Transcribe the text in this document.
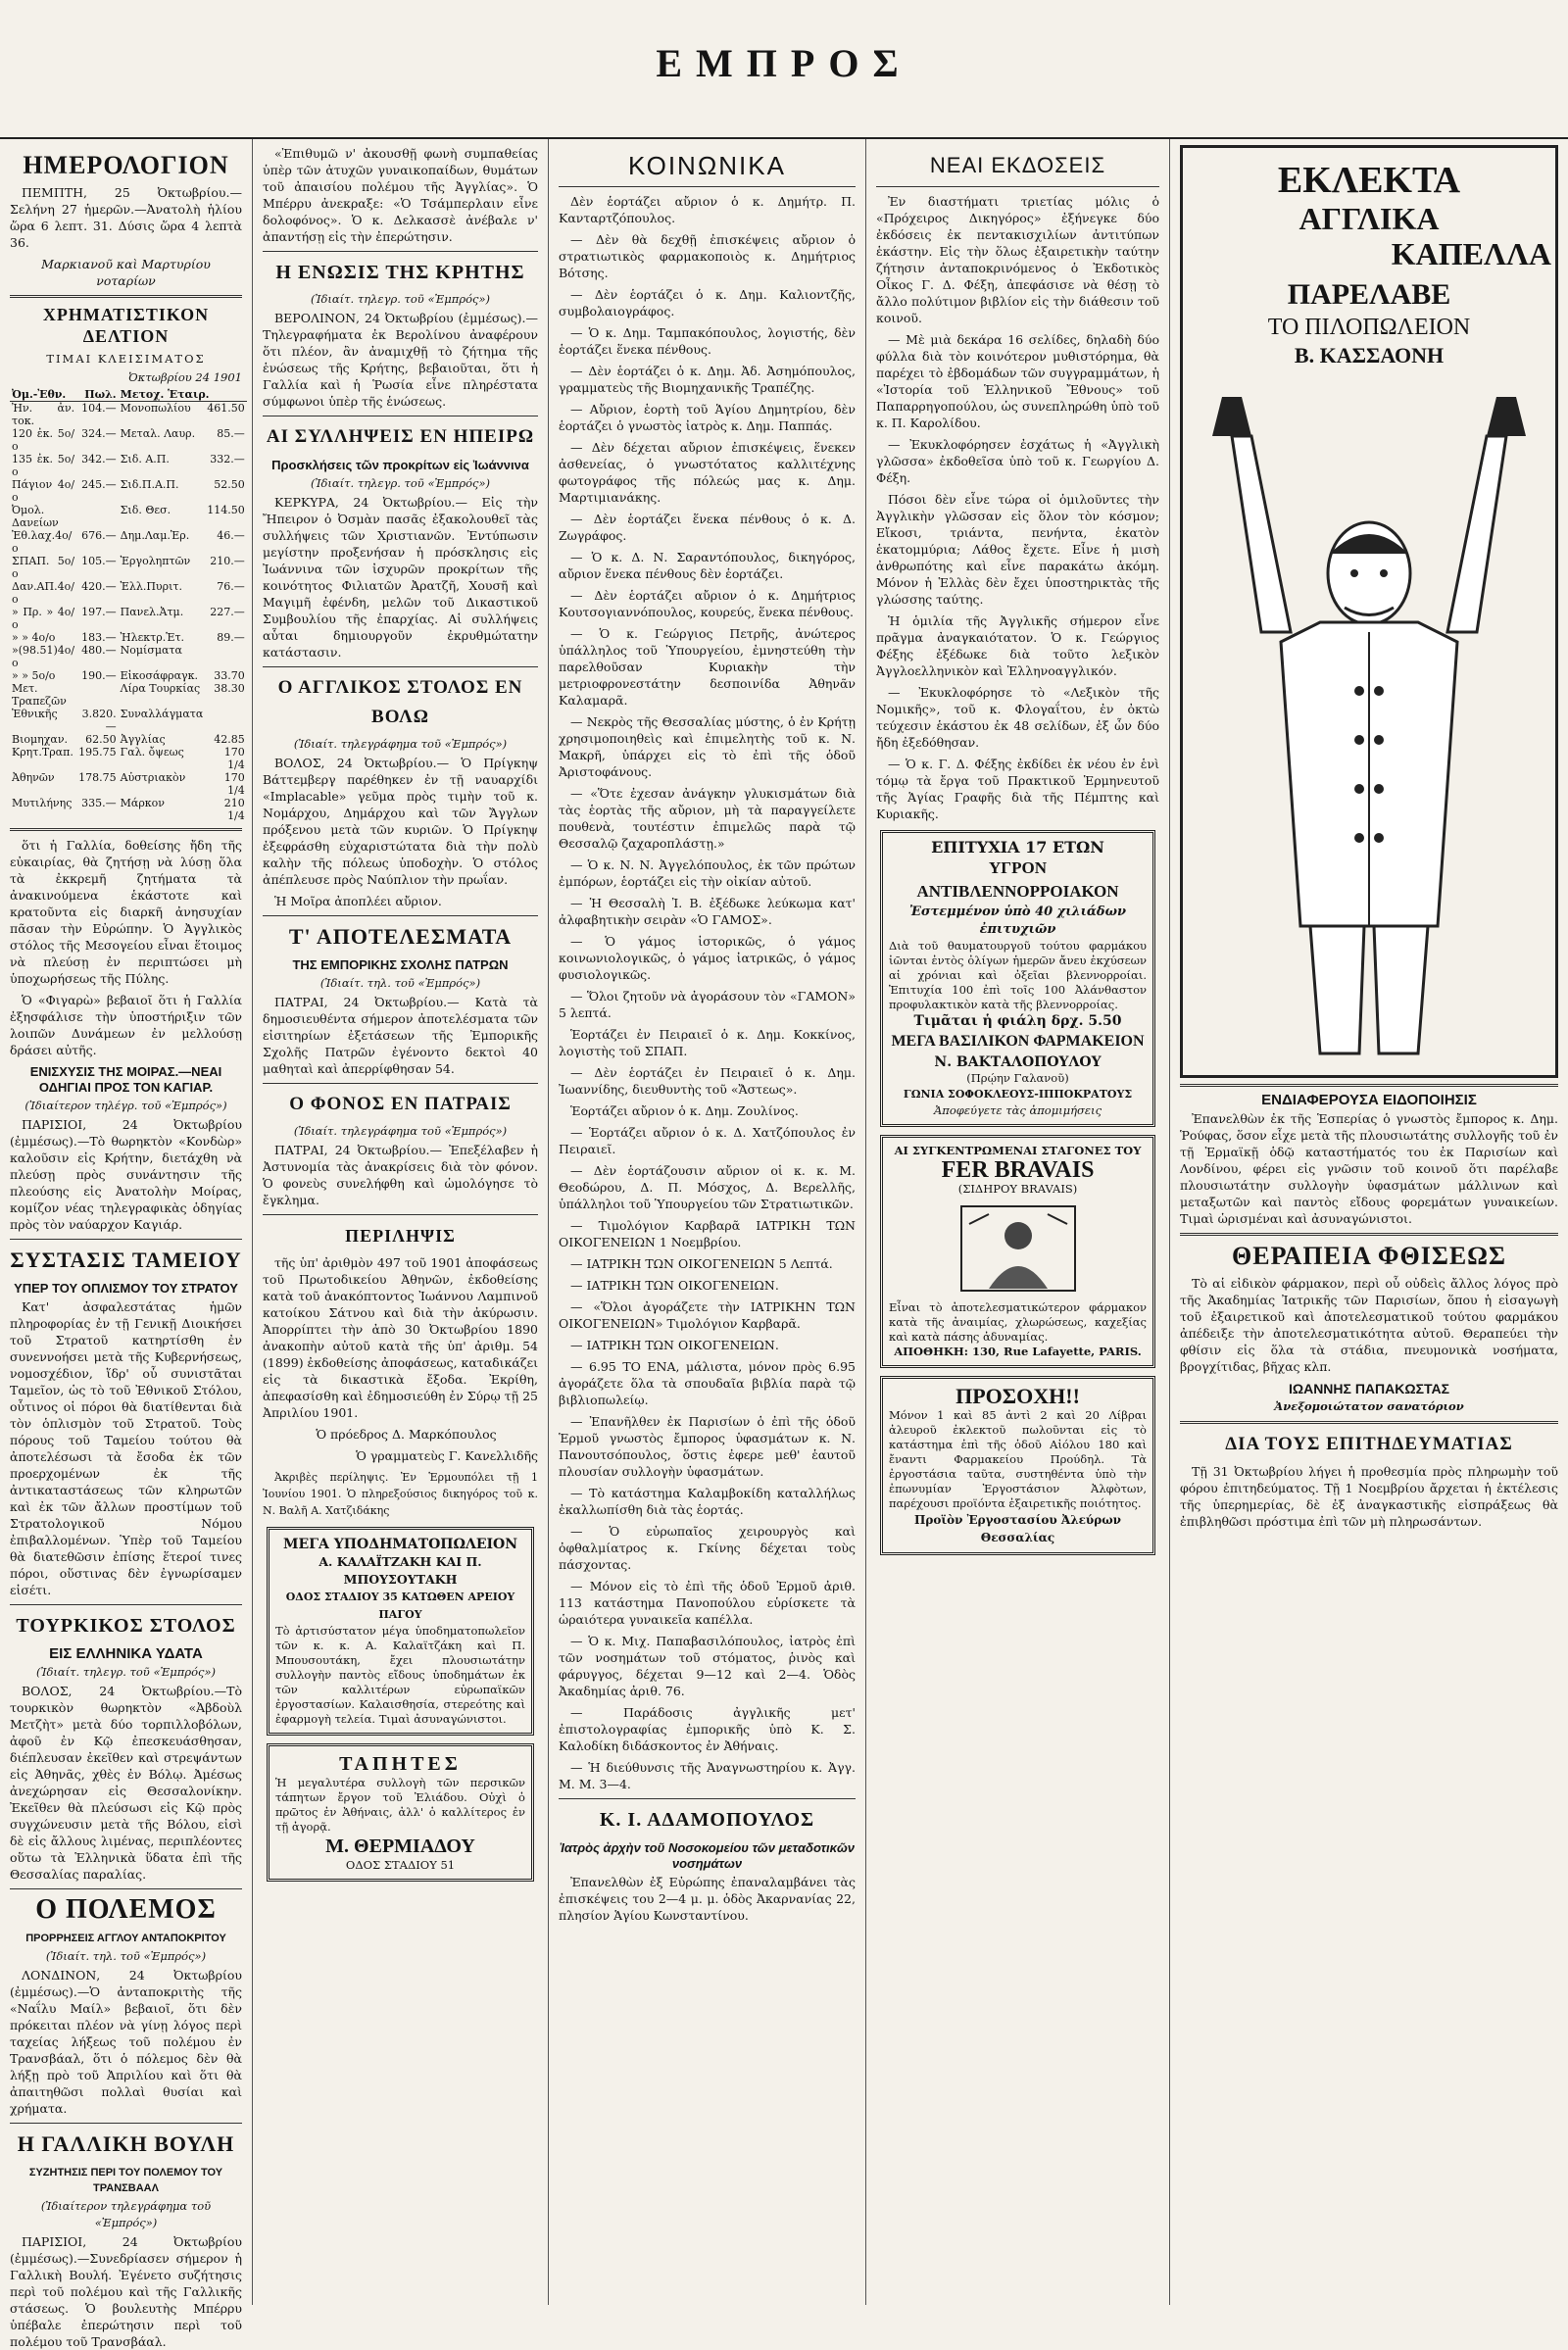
ΕΜΠΡΟΣ
ΗΜΕΡΟΛΟΓΙΟΝ

ΠΕΜΠΤΗ, 25 Ὀκτωβρίου.— Σελήνη 27 ἡμερῶν.—Ἀνατολὴ ἡλίου ὥρα 6 λεπτ. 31. Δύσις ὥρα 4 λεπτὰ 36.

Μαρκιανοῦ καὶ Μαρτυρίου νοταρίων

ΧΡΗΜΑΤΙΣΤΙΚΟΝ ΔΕΛΤΙΟΝ
ΤΙΜΑΙ ΚΛΕΙΣΙΜΑΤΟΣ
Ὀκτωβρίου 24 1901
Ὀμ.-Ἐθν.	Πωλ.	Μετοχ. Ἑταιρ.	
Ἠν. ἀν. τοκ.	104.—	Μονοπωλίου	461.50
120 ἐκ. 5ο/ο	324.—	Μεταλ. Λαυρ.	85.—
135 ἐκ. 5ο/ο	342.—	Σιδ. Α.Π.	332.—
Πάγιον 4ο/ο	245.—	Σιδ.Π.Α.Π.	52.50
Ὀμολ. Δανείων		Σιδ. Θεσ.	114.50
Ἐθ.λαχ.4ο/ο	676.—	Δημ.Λαμ.Ἐρ.	46.—
ΣΠΑΠ. 5ο/ο	105.—	Ἐργοληπτῶν	210.—
Δαν.ΑΠ.4ο/ο	420.—	Ἑλλ.Πυριτ.	76.—
» Πρ. » 4ο/ο	197.—	Πανελ.Ἀτμ.	227.—
» » 4ο/ο	183.—	Ἠλεκτρ.Ἑτ.	89.—
»(98.51)4ο/ο	480.—	Νομίσματα	
» » 5ο/ο	190.—	Εἰκοσάφραγκ.	33.70
Μετ. Τραπεζῶν		Λίρα Τουρκίας	38.30
Ἐθνικῆς	3.820.—	Συναλλάγματα	
Βιομηχαν.	62.50	Ἀγγλίας	42.85
Κρητ.Τραπ.	195.75	Γαλ. ὄψεως	170 1/4
Ἀθηνῶν	178.75	Αὐστριακὸν	170 1/4
Μυτιλήνης	335.—	Μάρκον	210 1/4

ὅτι ἡ Γαλλία, δοθείσης ἤδη τῆς εὐκαιρίας, θὰ ζητήσῃ νὰ λύσῃ ὅλα τὰ ἐκκρεμῆ ζητήματα τὰ ἀνακινούμενα ἑκάστοτε καὶ κρατοῦντα εἰς διαρκῆ ἀνησυχίαν πᾶσαν τὴν Εὐρώπην. Ὁ Ἀγγλικὸς στόλος τῆς Μεσογείου εἶναι ἕτοιμος νὰ πλεύσῃ ἐν περιπτώσει μὴ ὑποχωρήσεως τῆς Πύλης.

Ὁ «Φιγαρὼ» βεβαιοῖ ὅτι ἡ Γαλλία ἐξησφάλισε τὴν ὑποστήριξιν τῶν λοιπῶν Δυνάμεων ἐν μελλούσῃ δράσει αὐτῆς.

ΕΝΙΣΧΥΣΙΣ ΤΗΣ ΜΟΙΡΑΣ.—ΝΕΑΙ ΟΔΗΓΙΑΙ ΠΡΟΣ ΤΟΝ ΚΑΓΙΑΡ.
(Ἰδιαίτερον τηλέγρ. τοῦ «Ἐμπρός»)

ΠΑΡΙΣΙΟΙ, 24 Ὀκτωβρίου (ἐμμέσως).—Τὸ θωρηκτὸν «Κονδὼρ» καλοῦσιν εἰς Κρήτην, διετάχθη νὰ πλεύσῃ πρὸς συνάντησιν τῆς πλεούσης εἰς Ἀνατολὴν Μοίρας, κομίζον νέας τηλεγραφικὰς ὁδηγίας πρὸς τὸν ναύαρχον Καγιάρ.

ΣΥΣΤΑΣΙΣ ΤΑΜΕΙΟΥ
ΥΠΕΡ ΤΟΥ ΟΠΛΙΣΜΟΥ ΤΟΥ ΣΤΡΑΤΟΥ

Κατ' ἀσφαλεστάτας ἡμῶν πληροφορίας ἐν τῇ Γενικῇ Διοικήσει τοῦ Στρατοῦ κατηρτίσθη ἐν συνεννοήσει μετὰ τῆς Κυβερνήσεως, νομοσχέδιον, ἵδρ' οὗ συνιστᾶται Ταμεῖον, ὡς τὸ τοῦ Ἐθνικοῦ Στόλου, οὗτινος οἱ πόροι θὰ διατίθενται διὰ τὸν ὁπλισμὸν τοῦ Στρατοῦ. Τοὺς πόρους τοῦ Ταμείου τούτου θὰ ἀποτελέσωσι τὰ ἔσοδα ἐκ τῶν προερχομένων ἐκ τῆς ἀντικαταστάσεως τῶν κληρωτῶν καὶ ἐκ τῶν ἄλλων προστίμων τοῦ Στρατολογικοῦ Νόμου ἐπιβαλλομένων. Ὑπὲρ τοῦ Ταμείου θὰ διατεθῶσιν ἐπίσης ἕτεροί τινες πόροι, οὕστινας δὲν ἐγνωρίσαμεν εἰσέτι.

ΤΟΥΡΚΙΚΟΣ ΣΤΟΛΟΣ
ΕΙΣ ΕΛΛΗΝΙΚΑ ΥΔΑΤΑ
(Ἰδιαίτ. τηλεγρ. τοῦ «Ἐμπρός»)

ΒΟΛΟΣ, 24 Ὀκτωβρίου.—Τὸ τουρκικὸν θωρηκτὸν «Ἀβδοὺλ Μετζὴτ» μετὰ δύο τορπιλλοβόλων, ἀφοῦ ἐν Κῷ ἐπεσκευάσθησαν, διέπλευσαν ἐκεῖθεν καὶ στρεψάντων εἰς Ἀθηνᾶς, χθὲς ἐν Βόλῳ. Ἀμέσως ἀνεχώρησαν εἰς Θεσσαλονίκην. Ἐκεῖθεν θὰ πλεύσωσι εἰς Κῷ πρὸς συγχώνευσιν μετὰ τῆς Βόλου, εἰσὶ δὲ εἰς ἄλλους λιμένας, περιπλέοντες οὕτω τὰ Ἑλληνικὰ ὕδατα ἐπὶ τῆς Θεσσαλίας παραλίας.

Ο ΠΟΛΕΜΟΣ
ΠΡΟΡΡΗΣΕΙΣ ΑΓΓΛΟΥ ΑΝΤΑΠΟΚΡΙΤΟΥ
(Ἰδιαίτ. τηλ. τοῦ «Ἐμπρός»)

ΛΟΝΔΙΝΟΝ, 24 Ὀκτωβρίου (ἐμμέσως).—Ὁ ἀνταποκριτὴς τῆς «Ναΐλυ Μαίλ» βεβαιοῖ, ὅτι δὲν πρόκειται πλέον νὰ γίνῃ λόγος περὶ ταχείας λήξεως τοῦ πολέμου ἐν Τρανσβάαλ, ὅτι ὁ πόλεμος δὲν θὰ λήξῃ πρὸ τοῦ Ἀπριλίου καὶ ὅτι θὰ ἀπαιτηθῶσι πολλαὶ θυσίαι καὶ χρήματα.

Η ΓΑΛΛΙΚΗ ΒΟΥΛΗ
ΣΥΖΗΤΗΣΙΣ ΠΕΡΙ ΤΟΥ ΠΟΛΕΜΟΥ ΤΟΥ ΤΡΑΝΣΒΑΑΛ
(Ἰδιαίτερον τηλεγράφημα τοῦ «Ἐμπρός»)

ΠΑΡΙΣΙΟΙ, 24 Ὀκτωβρίου (ἐμμέσως).—Συνεδρίασεν σήμερον ἡ Γαλλικὴ Βουλή. Ἐγένετο συζήτησις περὶ τοῦ πολέμου καὶ τῆς Γαλλικῆς στάσεως. Ὁ βουλευτὴς Μπέρρυ ὑπέβαλε ἐπερώτησιν περὶ τοῦ πολέμου τοῦ Τρανσβάαλ.

«Ἐπιθυμῶ ν' ἀκουσθῇ φωνὴ συμπαθείας ὑπὲρ τῶν ἀτυχῶν γυναικοπαίδων, θυμάτων τοῦ ἀπαισίου πολέμου τῆς Ἀγγλίας». Ὁ Μπέρρυ ἀνεκραξε: «Ὁ Τσάμπερλαιν εἶνε δολοφόνος». Ὁ κ. Δελκασσὲ ἀνέβαλε ν' ἀπαντήσῃ εἰς τὴν ἐπερώτησιν.

Η ΕΝΩΣΙΣ ΤΗΣ ΚΡΗΤΗΣ
(Ἰδιαίτ. τηλεγρ. τοῦ «Ἐμπρός»)

ΒΕΡΟΛΙΝΟΝ, 24 Ὀκτωβρίου (ἐμμέσως).—Τηλεγραφήματα ἐκ Βερολίνου ἀναφέρουν ὅτι πλέον, ἂν ἀναμιχθῇ τὸ ζήτημα τῆς ἑνώσεως τῆς Κρήτης, βεβαιοῦται, ὅτι ἡ Γαλλία καὶ ἡ Ῥωσία εἶνε πληρέστατα σύμφωνοι ὑπὲρ τῆς ἑνώσεως.

ΑΙ ΣΥΛΛΗΨΕΙΣ ΕΝ ΗΠΕΙΡΩ
Προσκλήσεις τῶν προκρίτων εἰς Ἰωάννινα
(Ἰδιαίτ. τηλεγρ. τοῦ «Ἐμπρός»)

ΚΕΡΚΥΡΑ, 24 Ὀκτωβρίου.— Εἰς τὴν Ἤπειρον ὁ Ὀσμὰν πασᾶς ἐξακολουθεῖ τὰς συλλήψεις τῶν Χριστιανῶν. Ἐντύπωσιν μεγίστην προξενήσαν ἡ πρόσκλησις εἰς Ἰωάννινα τῶν ἰσχυρῶν προκρίτων τῆς κοινότητος Φιλιατῶν Ἀρατζῆ, Χουσῆ καὶ Μαγιμῆ ἐφένδη, μελῶν τοῦ Δικαστικοῦ Συμβουλίου τῆς ἐπαρχίας. Αἱ συλλήψεις αὗται δημιουργοῦν ἐκρυθμώτατην κατάστασιν.

Ο ΑΓΓΛΙΚΟΣ ΣΤΟΛΟΣ ΕΝ ΒΟΛΩ
(Ἰδιαίτ. τηλεγράφημα τοῦ «Ἐμπρός»)

ΒΟΛΟΣ, 24 Ὀκτωβρίου.— Ὁ Πρίγκηψ Βάττεμβεργ παρέθηκεν ἐν τῇ ναυαρχίδι «Implacable» γεῦμα πρὸς τιμὴν τοῦ κ. Νομάρχου, Δημάρχου καὶ τῶν Ἄγγλων πρόξενου μετὰ τῶν κυριῶν. Ὁ Πρίγκηψ ἐξεφράσθη εὐχαριστώτατα διὰ τὴν πολὺ καλὴν τῆς πόλεως ὑποδοχὴν. Ὁ στόλος ἀπέπλευσε πρὸς Ναύπλιον τὴν πρωΐαν.

Ἡ Μοῖρα ἀποπλέει αὔριον.

Τ' ΑΠΟΤΕΛΕΣΜΑΤΑ
ΤΗΣ ΕΜΠΟΡΙΚΗΣ ΣΧΟΛΗΣ ΠΑΤΡΩΝ
(Ἰδιαίτ. τηλ. τοῦ «Ἐμπρός»)

ΠΑΤΡΑΙ, 24 Ὀκτωβρίου.— Κατὰ τὰ δημοσιευθέντα σήμερον ἀποτελέσματα τῶν εἰσιτηρίων ἐξετάσεων τῆς Ἐμπορικῆς Σχολῆς Πατρῶν ἐγένοντο δεκτοὶ 40 μαθηταὶ καὶ ἀπερρίφθησαν 54.

Ο ΦΟΝΟΣ ΕΝ ΠΑΤΡΑΙΣ
(Ἰδιαίτ. τηλεγράφημα τοῦ «Ἐμπρός»)

ΠΑΤΡΑΙ, 24 Ὀκτωβρίου.— Ἐπεξέλαβεν ἡ Ἀστυνομία τὰς ἀνακρίσεις διὰ τὸν φόνον. Ὁ φονεὺς συνελήφθη καὶ ὡμολόγησε τὸ ἔγκλημα.

ΠΕΡΙΛΗΨΙΣ

τῆς ὑπ' ἀριθμὸν 497 τοῦ 1901 ἀποφάσεως τοῦ Πρωτοδικείου Ἀθηνῶν, ἐκδοθείσης κατὰ τοῦ ἀνακόπτοντος Ἰωάννου Λαμπινοῦ κατοίκου Σάτνου καὶ διὰ τὴν ἀκύρωσιν. Ἀπορρίπτει τὴν ἀπὸ 30 Ὀκτωβρίου 1890 ἀνακοπὴν αὐτοῦ κατὰ τῆς ὑπ' ἀριθμ. 54 (1899) ἐκδοθείσης ἀποφάσεως, καταδικάζει εἰς τὰ δικαστικὰ ἔξοδα. Ἐκρίθη, ἀπεφασίσθη καὶ ἐδημοσιεύθη ἐν Σύρῳ τῇ 25 Ἀπριλίου 1901.

Ὁ πρόεδρος Δ. Μαρκόπουλος

Ὁ γραμματεὺς Γ. Κανελλιδῆς

Ἀκριβὲς περίληψις. Ἐν Ἑρμουπόλει τῇ 1 Ἰουνίου 1901. Ὁ πληρεξούσιος δικηγόρος τοῦ κ. Ν. Βαλῆ Α. Χατζιδάκης

ΜΕΓΑ ΥΠΟΔΗΜΑΤΟΠΩΛΕΙΟΝ
Α. ΚΑΛΑΪΤΖΑΚΗ ΚΑΙ Π. ΜΠΟΥΣΟΥΤΑΚΗ
ΟΔΟΣ ΣΤΑΔΙΟΥ 35 ΚΑΤΩΘΕΝ ΑΡΕΙΟΥ ΠΑΓΟΥ
Τὸ ἀρτισύστατον μέγα ὑποδηματοπωλεῖον τῶν κ. κ. Α. Καλαϊτζάκη καὶ Π. Μπουσουτάκη, ἔχει πλουσιωτάτην συλλογὴν παντὸς εἴδους ὑποδημάτων ἐκ τῶν καλλιτέρων εὐρωπαϊκῶν ἐργοστασίων. Καλαισθησία, στερεότης καὶ ἐφαρμογὴ τελεία. Τιμαὶ ἀσυναγώνιστοι.
ΤΑΠΗΤΕΣ
Ἡ μεγαλυτέρα συλλογὴ τῶν περσικῶν τάπητων ἔργον τοῦ Ἐλιάδου. Οὐχὶ ὁ πρῶτος ἐν Ἀθήναις, ἀλλ' ὁ καλλίτερος ἐν τῇ ἀγορᾷ.
Μ. ΘΕΡΜΙΑΔΟΥ
ΟΔΟΣ ΣΤΑΔΙΟΥ 51
ΚΟΙΝΩΝΙΚΑ

Δὲν ἑορτάζει αὔριον ὁ κ. Δημήτρ. Π. Κανταρτζόπουλος.

— Δὲν θὰ δεχθῇ ἐπισκέψεις αὔριον ὁ στρατιωτικὸς φαρμακοποιὸς κ. Δημήτριος Βότσης.

— Δὲν ἑορτάζει ὁ κ. Δημ. Καλιοντζῆς, συμβολαιογράφος.

— Ὁ κ. Δημ. Ταμπακόπουλος, λογιστής, δὲν ἑορτάζει ἕνεκα πένθους.

— Δὲν ἑορτάζει ὁ κ. Δημ. Ἀδ. Ἀσημόπουλος, γραμματεὺς τῆς Βιομηχανικῆς Τραπέζης.

— Αὔριον, ἑορτὴ τοῦ Ἁγίου Δημητρίου, δὲν ἑορτάζει ὁ γνωστὸς ἰατρὸς κ. Δημ. Παππάς.

— Δὲν δέχεται αὔριον ἐπισκέψεις, ἕνεκεν ἀσθενείας, ὁ γνωστότατος καλλιτέχνης φωτογράφος τῆς πόλεώς μας κ. Δημ. Μαρτιμιανάκης.

— Δὲν ἑορτάζει ἕνεκα πένθους ὁ κ. Δ. Ζωγράφος.

— Ὁ κ. Δ. Ν. Σαραντόπουλος, δικηγόρος, αὔριον ἕνεκα πένθους δὲν ἑορτάζει.

— Δὲν ἑορτάζει αὔριον ὁ κ. Δημήτριος Κουτσογιαννόπουλος, κουρεύς, ἕνεκα πένθους.

— Ὁ κ. Γεώργιος Πετρῆς, ἀνώτερος ὑπάλληλος τοῦ Ὑπουργείου, ἐμνηστεύθη τὴν παρελθοῦσαν Κυριακὴν τὴν μετριοφρονεστάτην δεσποινίδα Ἀθηνᾶν Καλαμαρᾶ.

— Νεκρὸς τῆς Θεσσαλίας μύστης, ὁ ἐν Κρήτῃ χρησιμοποιηθεὶς καὶ ἐπιμελητὴς τοῦ κ. Ν. Μακρῆ, ὑπάρχει εἰς τὸ ἐπὶ τῆς ὁδοῦ Ἀριστοφάνους.

— «Ὅτε ἐχεσαν ἀνάγκην γλυκισμάτων διὰ τὰς ἑορτὰς τῆς αὔριον, μὴ τὰ παραγγείλετε πουθενὰ, τουτέστιν ἐπιμελῶς παρὰ τῷ Θεσσαλῷ ζαχαροπλάστῃ.»

— Ὁ κ. Ν. Ν. Ἀγγελόπουλος, ἐκ τῶν πρώτων ἐμπόρων, ἑορτάζει εἰς τὴν οἰκίαν αὐτοῦ.

— Ἡ Θεσσαλὴ Ἰ. Β. ἐξέδωκε λεύκωμα κατ' ἀλφαβητικὴν σειρὰν «Ὁ ΓΑΜΟΣ».

— Ὁ γάμος ἱστορικῶς, ὁ γάμος κοινωνιολογικῶς, ὁ γάμος ἰατρικῶς, ὁ γάμος φυσιολογικῶς.

— Ὅλοι ζητοῦν νὰ ἀγοράσουν τὸν «ΓΑΜΟΝ» 5 λεπτά.

Ἑορτάζει ἐν Πειραιεῖ ὁ κ. Δημ. Κοκκίνος, λογιστὴς τοῦ ΣΠΑΠ.

— Δὲν ἑορτάζει ἐν Πειραιεῖ ὁ κ. Δημ. Ἰωαννίδης, διευθυντὴς τοῦ «Ἄστεως».

Ἑορτάζει αὔριον ὁ κ. Δημ. Ζουλίνος.

— Ἑορτάζει αὔριον ὁ κ. Δ. Χατζόπουλος ἐν Πειραιεῖ.

— Δὲν ἑορτάζουσιν αὔριον οἱ κ. κ. Μ. Θεοδώρου, Δ. Π. Μόσχος, Δ. Βερελλῆς, ὑπάλληλοι τοῦ Ὑπουργείου τῶν Στρατιωτικῶν.

— Τιμολόγιον Καρβαρᾶ ΙΑΤΡΙΚΗ ΤΩΝ ΟΙΚΟΓΕΝΕΙΩΝ 1 Νοεμβρίου.

— ΙΑΤΡΙΚΗ ΤΩΝ ΟΙΚΟΓΕΝΕΙΩΝ 5 Λεπτά.

— ΙΑΤΡΙΚΗ ΤΩΝ ΟΙΚΟΓΕΝΕΙΩΝ.

— «Ὅλοι ἀγοράζετε τὴν ΙΑΤΡΙΚΗΝ ΤΩΝ ΟΙΚΟΓΕΝΕΙΩΝ» Τιμολόγιον Καρβαρᾶ.

— ΙΑΤΡΙΚΗ ΤΩΝ ΟΙΚΟΓΕΝΕΙΩΝ.

— 6.95 ΤΟ ΕΝΑ, μάλιστα, μόνον πρὸς 6.95 ἀγοράζετε ὅλα τὰ σπουδαῖα βιβλία παρὰ τῷ βιβλιοπωλείῳ.

— Ἐπανῆλθεν ἐκ Παρισίων ὁ ἐπὶ τῆς ὁδοῦ Ἑρμοῦ γνωστὸς ἔμπορος ὑφασμάτων κ. Ν. Πανουτσόπουλος, ὅστις ἐφερε μεθ' ἑαυτοῦ πλουσίαν συλλογὴν ὑφασμάτων.

— Τὸ κατάστημα Καλαμβοκίδη καταλλήλως ἐκαλλωπίσθη διὰ τὰς ἑορτάς.

— Ὁ εὐρωπαῖος χειρουργὸς καὶ ὀφθαλμίατρος κ. Γκίνης δέχεται τοὺς πάσχοντας.

— Μόνον εἰς τὸ ἐπὶ τῆς ὁδοῦ Ἑρμοῦ ἀριθ. 113 κατάστημα Πανοπούλου εὑρίσκετε τὰ ὡραιότερα γυναικεῖα καπέλλα.

— Ὁ κ. Μιχ. Παπαβασιλόπουλος, ἰατρὸς ἐπὶ τῶν νοσημάτων τοῦ στόματος, ῥινὸς καὶ φάρυγγος, δέχεται 9—12 καὶ 2—4. Ὁδὸς Ἀκαδημίας ἀριθ. 76.

— Παράδοσις ἀγγλικῆς μετ' ἐπιστολογραφίας ἐμπορικῆς ὑπὸ Κ. Σ. Καλοδίκη διδάσκοντος ἐν Ἀθήναις.

— Ἡ διεύθυνσις τῆς Ἀναγνωστηρίου κ. Ἀγγ. Μ. Μ. 3—4.

Κ. Ι. ΑΔΑΜΟΠΟΥΛΟΣ
Ἰατρὸς ἀρχὴν τοῦ Νοσοκομείου τῶν μεταδοτικῶν νοσημάτων

Ἐπανελθὼν ἐξ Εὐρώπης ἐπαναλαμβάνει τὰς ἐπισκέψεις του 2—4 μ. μ. ὁδὸς Ἀκαρνανίας 22, πλησίον Ἁγίου Κωνσταντίνου.

ΝΕΑΙ ΕΚΔΟΣΕΙΣ

Ἐν διαστήματι τριετίας μόλις ὁ «Πρόχειρος Δικηγόρος» ἐξήνεγκε δύο ἐκδόσεις ἐκ πεντακισχιλίων ἀντιτύπων ἑκάστην. Εἰς τὴν ὅλως ἐξαιρετικὴν ταύτην ζήτησιν ἀνταποκρινόμενος ὁ Ἐκδοτικὸς Οἶκος Γ. Δ. Φέξη, ἀπεφάσισε νὰ θέσῃ τὸ ἄλλο πολύτιμον βιβλίον εἰς τὴν διάθεσιν τοῦ κοινοῦ.

— Μὲ μιὰ δεκάρα 16 σελίδες, δηλαδὴ δύο φύλλα διὰ τὸν κοινότερον μυθιστόρημα, θὰ παρέχει τὸ ἐβδομάδων τῶν συγγραμμάτων, ἡ «Ἱστορία τοῦ Ἑλληνικοῦ Ἔθνους» τοῦ Παπαρρηγοπούλου, ὡς συνεπληρώθη ὑπὸ τοῦ κ. Π. Καρολίδου.

— Ἐκυκλοφόρησεν ἐσχάτως ἡ «Ἀγγλικὴ γλῶσσα» ἐκδοθεῖσα ὑπὸ τοῦ κ. Γεωργίου Δ. Φέξη.

Πόσοι δὲν εἶνε τώρα οἱ ὁμιλοῦντες τὴν Ἀγγλικὴν γλῶσσαν εἰς ὅλον τὸν κόσμον; Εἴκοσι, τριάντα, πενήντα, ἑκατὸν ἑκατομμύρια; Λάθος ἔχετε. Εἶνε ἡ μισὴ ἀνθρωπότης καὶ εἶνε παρακάτω ἀκόμη. Μόνον ἡ Ἑλλὰς δὲν ἔχει ὑποστηρικτὰς τῆς γλώσσης ταύτης.

Ἡ ὁμιλία τῆς Ἀγγλικῆς σήμερον εἶνε πρᾶγμα ἀναγκαιότατον. Ὁ κ. Γεώργιος Φέξης ἐξέδωκε διὰ τοῦτο λεξικὸν Ἀγγλοελληνικὸν καὶ Ἑλληνοαγγλικόν.

— Ἐκυκλοφόρησε τὸ «Λεξικὸν τῆς Νομικῆς», τοῦ κ. Φλογαΐτου, ἐν ὀκτὼ τεύχεσιν ἑκάστου ἐκ 48 σελίδων, ἐξ ὧν δύο ἤδη ἐξεδόθησαν.

— Ὁ κ. Γ. Δ. Φέξης ἐκδίδει ἐκ νέου ἐν ἑνὶ τόμῳ τὰ ἔργα τοῦ Πρακτικοῦ Ἑρμηνευτοῦ τῆς Ἁγίας Γραφῆς διὰ τῆς Πέμπτης καὶ Κυριακῆς.

ΕΠΙΤΥΧΙΑ 17 ΕΤΩΝ
ΥΓΡΟΝ ΑΝΤΙΒΛΕΝΝΟΡΡΟΙΑΚΟΝ
Ἐστεμμένον ὑπὸ 40 χιλιάδων ἐπιτυχιῶν
Διὰ τοῦ θαυματουργοῦ τούτου φαρμάκου ἰῶνται ἐντὸς ὀλίγων ἡμερῶν ἄνευ ἐκχύσεων αἱ χρόνιαι καὶ ὀξεῖαι βλεννορροίαι. Ἐπιτυχία 100 ἐπὶ τοῖς 100 Ἀλάνθαστον προφυλακτικὸν κατὰ τῆς βλεννορροίας.
Τιμᾶται ἡ φιάλη δρχ. 5.50
ΜΕΓΑ ΒΑΣΙΛΙΚΟΝ ΦΑΡΜΑΚΕΙΟΝ
Ν. ΒΑΚΤΑΛΟΠΟΥΛΟΥ
(Πρῴην Γαλανοῦ)
ΓΩΝΙΑ ΣΟΦΟΚΛΕΟΥΣ-ΙΠΠΟΚΡΑΤΟΥΣ
Ἀποφεύγετε τὰς ἀπομιμήσεις
ΑΙ ΣΥΓΚΕΝΤΡΩΜΕΝΑΙ ΣΤΑΓΟΝΕΣ ΤΟΥ
FER BRAVAIS
(ΣΙΔΗΡΟΥ BRAVAIS)
Εἶναι τὸ ἀποτελεσματικώτερον φάρμακον κατὰ τῆς ἀναιμίας, χλωρώσεως, καχεξίας καὶ κατὰ πάσης ἀδυναμίας.
ΑΠΟΘΗΚΗ: 130, Rue Lafayette, PARIS.
ΠΡΟΣΟΧΗ!!
Μόνον 1 καὶ 85 ἀντὶ 2 καὶ 20 Λίβραι ἀλευροῦ ἐκλεκτοῦ πωλοῦνται εἰς τὸ κατάστημα ἐπὶ τῆς ὁδοῦ Αἰόλου 180 καὶ ἔναντι Φαρμακείου Προύδηλ. Τὰ ἐργοστάσια ταῦτα, συστηθέντα ὑπὸ τὴν ἐπωνυμίαν Ἐργοστάσιον Ἀλφὸτων, παρέχουσι προϊόντα ἐξαιρετικῆς ποιότητος.
Προϊὸν Ἐργοστασίου Ἀλεύρων Θεσσαλίας
ΕΚΛΕΚΤΑ
ΑΓΓΛΙΚΑ
ΚΑΠΕΛΛΑ
ΠΑΡΕΛΑΒΕ
ΤΟ ΠΙΛΟΠΩΛΕΙΟΝ
Β. ΚΑΣΣΑΟΝΗ
ΕΝΔΙΑΦΕΡΟΥΣΑ ΕΙΔΟΠΟΙΗΣΙΣ

Ἐπανελθὼν ἐκ τῆς Ἑσπερίας ὁ γνωστὸς ἔμπορος κ. Δημ. Ῥούφας, ὅσον εἶχε μετὰ τῆς πλουσιωτάτης συλλογῆς τοῦ ἐν τῇ Ἑρμαϊκῇ ὁδῷ καταστήματός του ἐκ Παρισίων καὶ Λονδίνου, φέρει εἰς γνῶσιν τοῦ κοινοῦ ὅτι παρέλαβε πλουσιωτάτην συλλογὴν ὑφασμάτων μάλλινων καὶ μεταξωτῶν καὶ παντὸς εἴδους φορεμάτων γυναικείων. Τιμαὶ ὡρισμέναι καὶ ἀσυναγώνιστοι.

ΘΕΡΑΠΕΙΑ ΦΘΙΣΕΩΣ

Τὸ αἱ εἰδικὸν φάρμακον, περὶ οὗ οὐδεὶς ἄλλος λόγος πρὸ τῆς Ἀκαδημίας Ἰατρικῆς τῶν Παρισίων, ὅπου ἡ εἰσαγωγὴ τοῦ ἐξαιρετικοῦ καὶ ἀποτελεσματικοῦ τούτου φαρμάκου ἀπέδειξε τὴν ἀποτελεσματικότητα αὐτοῦ. Θεραπεύει τὴν φθίσιν εἰς ὅλα τὰ στάδια, πνευμονικὰ νοσήματα, βρογχίτιδας, βῆχας κλπ.

ΙΩΑΝΝΗΣ ΠΑΠΑΚΩΣΤΑΣ
Ἀνεξομοιώτατον σανατόριον
ΔΙΑ ΤΟΥΣ ΕΠΙΤΗΔΕΥΜΑΤΙΑΣ

Τῇ 31 Ὀκτωβρίου λήγει ἡ προθεσμία πρὸς πληρωμὴν τοῦ φόρου ἐπιτηδεύματος. Τῇ 1 Νοεμβρίου ἄρχεται ἡ ἐκτέλεσις τῆς ὑπερημερίας, δὲ ἐξ ἀναγκαστικῆς εἰσπράξεως θὰ ἐπιβληθῶσι πρόστιμα ἐπὶ τῶν μὴ πληρωσάντων.
